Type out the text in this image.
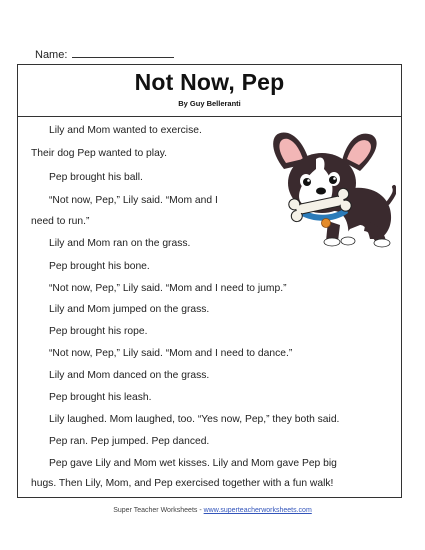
Name:
Not Now, Pep
By Guy Belleranti
Lily and Mom wanted to exercise.
Their dog Pep wanted to play.
Pep brought his ball.
“Not now, Pep,” Lily said. “Mom and I
need to run.”
Lily and Mom ran on the grass.
Pep brought his bone.
“Not now, Pep,” Lily said. “Mom and I need to jump.”
Lily and Mom jumped on the grass.
Pep brought his rope.
“Not now, Pep,” Lily said. “Mom and I need to dance.”
Lily and Mom danced on the grass.
Pep brought his leash.
Lily laughed. Mom laughed, too. “Yes now, Pep,” they both said.
Pep ran. Pep jumped. Pep danced.
Pep gave Lily and Mom wet kisses. Lily and Mom gave Pep big
hugs. Then Lily, Mom, and Pep exercised together with a fun walk!
Super Teacher Worksheets - www.superteacherworksheets.com
